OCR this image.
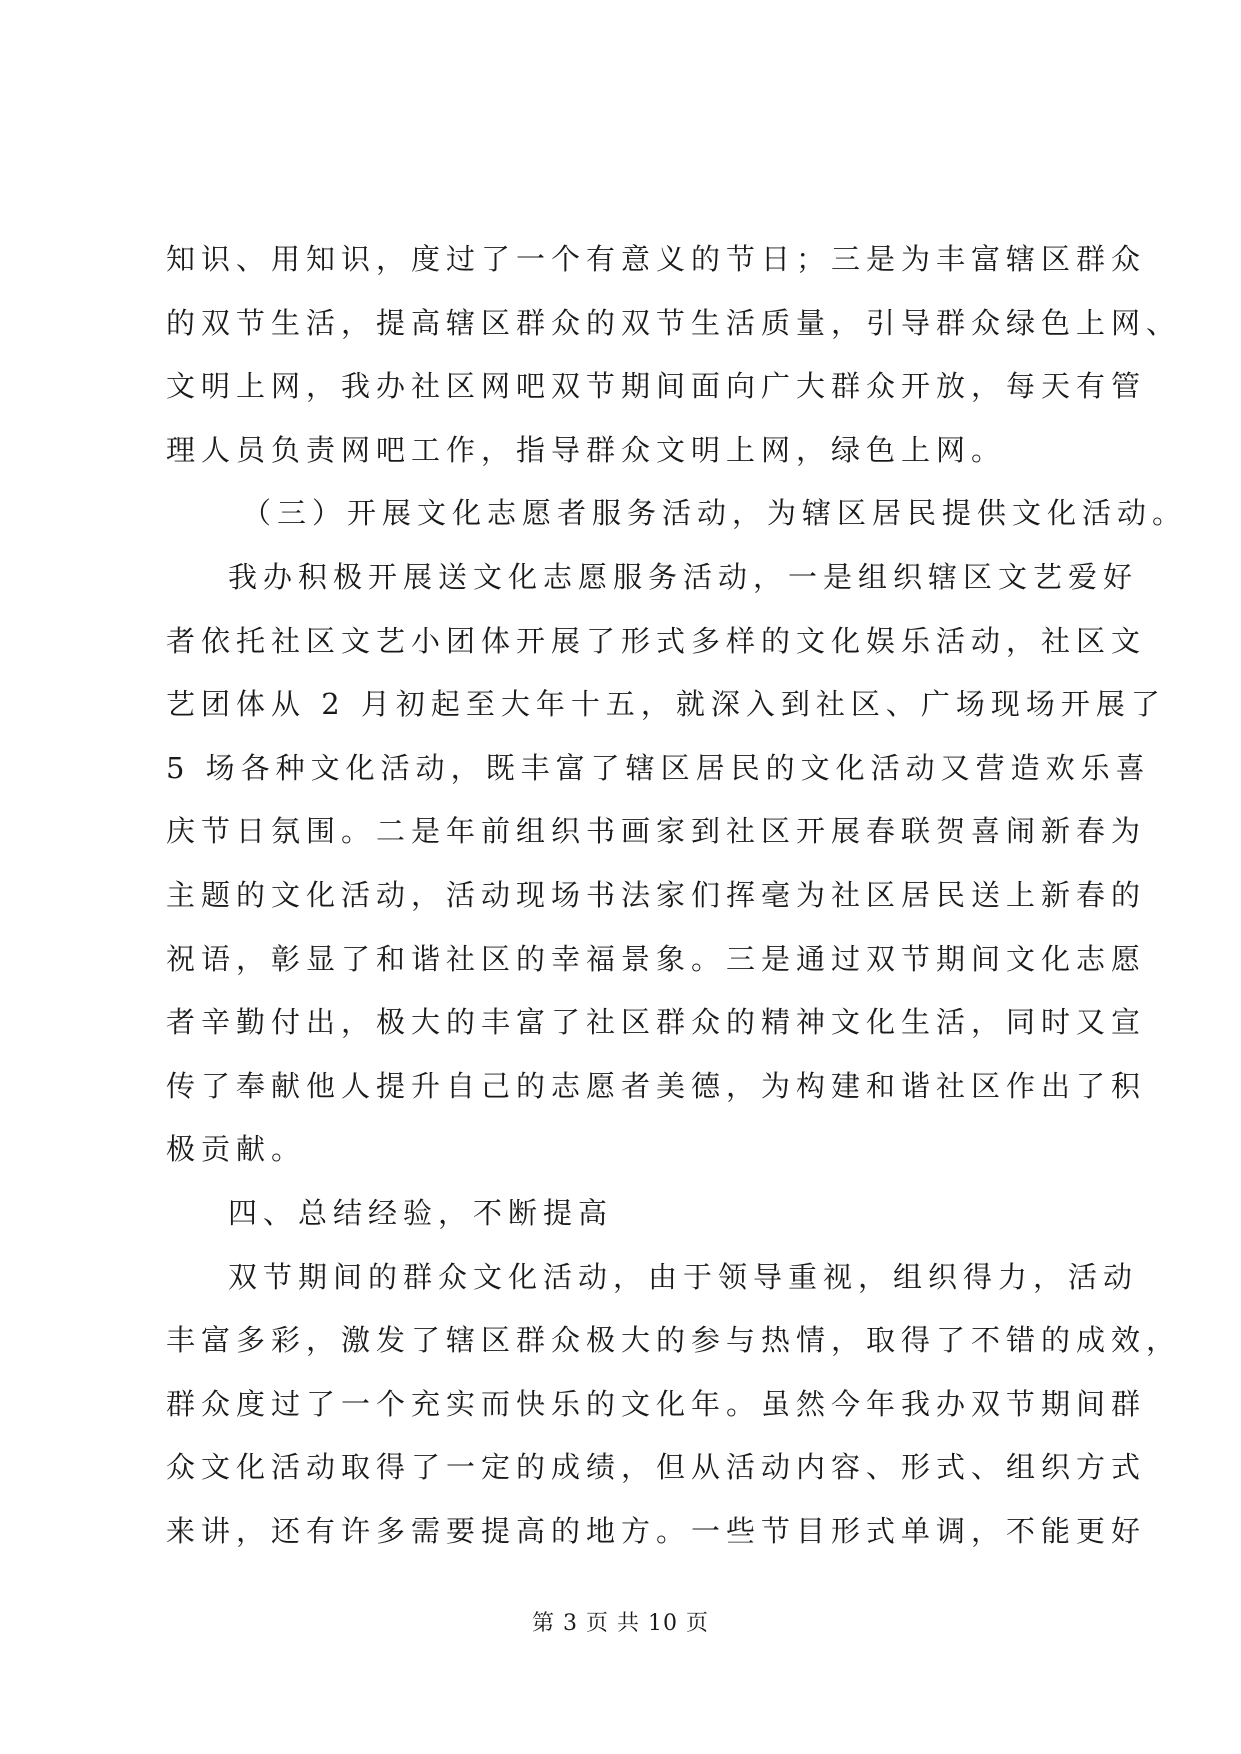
知识、用知识，度过了一个有意义的节日；三是为丰富辖区群众
的双节生活，提高辖区群众的双节生活质量，引导群众绿色上网、
文明上网，我办社区网吧双节期间面向广大群众开放，每天有管
理人员负责网吧工作，指导群众文明上网，绿色上网。
（三）开展文化志愿者服务活动，为辖区居民提供文化活动。
我办积极开展送文化志愿服务活动，一是组织辖区文艺爱好
者依托社区文艺小团体开展了形式多样的文化娱乐活动，社区文
艺团体从 2 月初起至大年十五，就深入到社区、广场现场开展了
5 场各种文化活动，既丰富了辖区居民的文化活动又营造欢乐喜
庆节日氛围。二是年前组织书画家到社区开展春联贺喜闹新春为
主题的文化活动，活动现场书法家们挥毫为社区居民送上新春的
祝语，彰显了和谐社区的幸福景象。三是通过双节期间文化志愿
者辛勤付出，极大的丰富了社区群众的精神文化生活，同时又宣
传了奉献他人提升自己的志愿者美德，为构建和谐社区作出了积
极贡献。
四、总结经验，不断提高
双节期间的群众文化活动，由于领导重视，组织得力，活动
丰富多彩，激发了辖区群众极大的参与热情，取得了不错的成效，
群众度过了一个充实而快乐的文化年。虽然今年我办双节期间群
众文化活动取得了一定的成绩，但从活动内容、形式、组织方式
来讲，还有许多需要提高的地方。一些节目形式单调，不能更好
第 3 页 共 10 页
